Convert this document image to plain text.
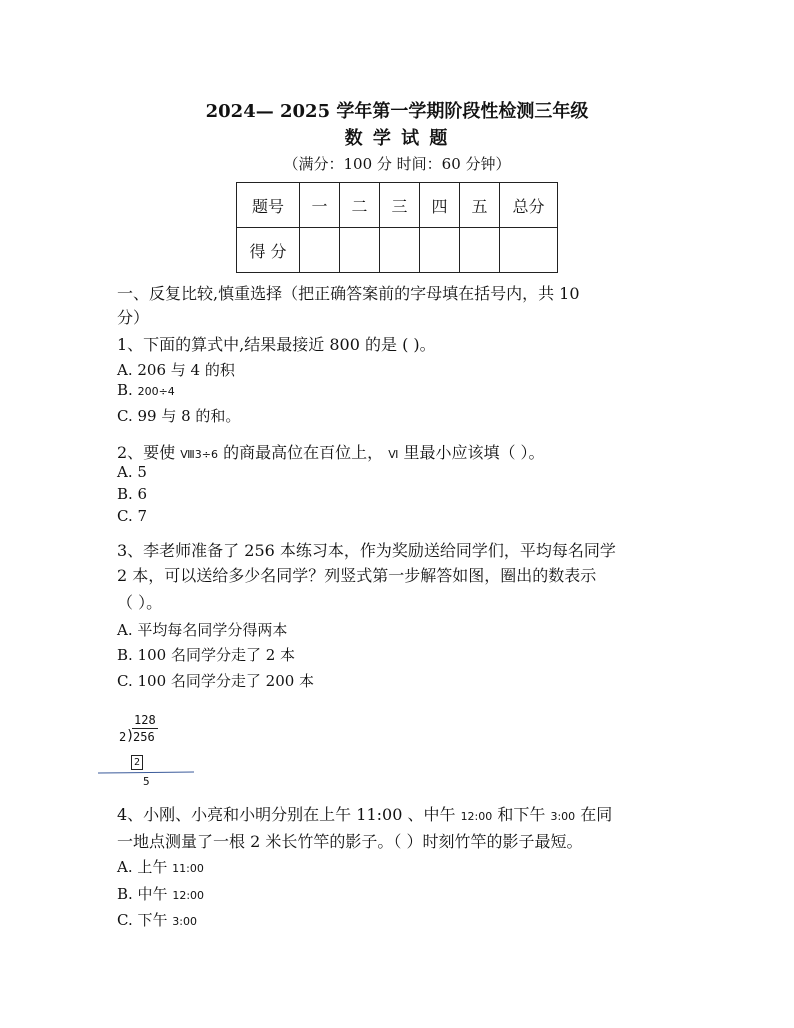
2024— 2025 学年第一学期阶段性检测三年级
数 学 试 题
（满分：100 分 时间：60 分钟）
题号	一	二	三	四	五	总分
得 分						
一、反复比较,慎重选择（把正确答案前的字母填在括号内，共 10
分）
1、下面的算式中,结果最接近 800 的是 ( )。
A. 206 与 4 的积
B. 200÷4
C. 99 与 8 的和。
2、要使 Ⅷ3÷6 的商最高位在百位上， Ⅵ 里最小应该填（ ）。
A. 5
B. 6
C. 7
3、李老师准备了 256 本练习本，作为奖励送给同学们，平均每名同学
2 本，可以送给多少名同学？列竖式第一步解答如图，圈出的数表示
（ ）。
A. 平均每名同学分得两本
B. 100 名同学分走了 2 本
C. 100 名同学分走了 200 本
128
2 )
256
2
5
4、小刚、小亮和小明分别在上午 11:00 、中午 12:00 和下午 3:00 在同
一地点测量了一根 2 米长竹竿的影子。（ ）时刻竹竿的影子最短。
A. 上午 11:00
B. 中午 12:00
C. 下午 3:00
